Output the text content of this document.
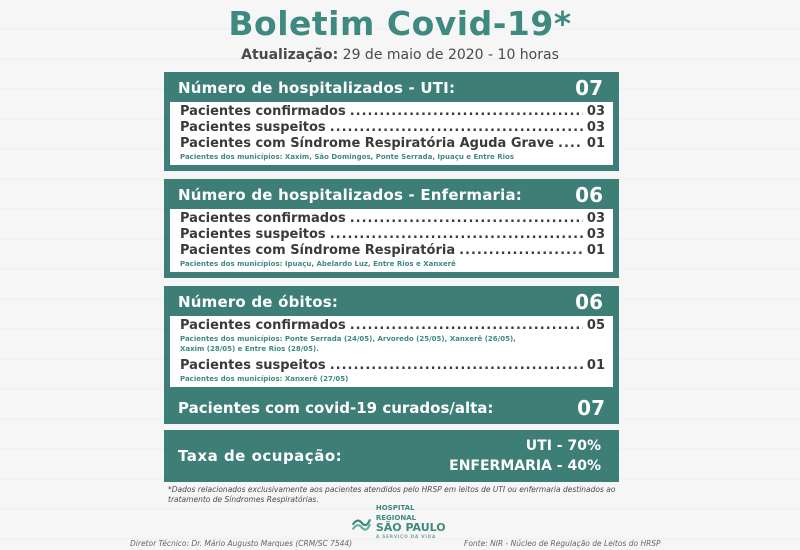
Boletim Covid-19*
Atualização: 29 de maio de 2020 - 10 horas
Número de hospitalizados - UTI:	07
Pacientes confirmados .....	03
Pacientes suspeitos .....	03
Pacientes com Síndrome Respiratória Aguda Grave .....	01
Pacientes dos municípios: Xaxim, São Domingos, Ponte Serrada, Ipuaçu e Entre Rios
Número de hospitalizados - Enfermaria:	06
Pacientes confirmados .....	03
Pacientes suspeitos .....	03
Pacientes com Síndrome Respiratória .....	01
Pacientes dos municípios: Ipuaçu, Abelardo Luz, Entre Rios e Xanxerê
Número de óbitos:	06
Pacientes confirmados .....	05
Pacientes dos municípios: Ponte Serrada (24/05), Arvoredo (25/05), Xanxerê (26/05),
Xaxim (28/05) e Entre Rios (28/05).
Pacientes suspeitos .....	01
Pacientes dos municípios: Xanxerê (27/05)
Pacientes com covid-19 curados/alta:	07
Taxa de ocupação:
UTI - 70%
ENFERMARIA - 40%
*Dados relacionados exclusivamente aos pacientes atendidos pelo HRSP em leitos de UTI ou enfermaria destinados ao tratamento de Síndromes Respiratórias.
HOSPITAL REGIONAL
SÃO PAULO
A SERVIÇO DA VIDA
Diretor Técnico: Dr. Mário Augusto Marques (CRM/SC 7544)	Fonte: NIR - Núcleo de Regulação de Leitos do HRSP
